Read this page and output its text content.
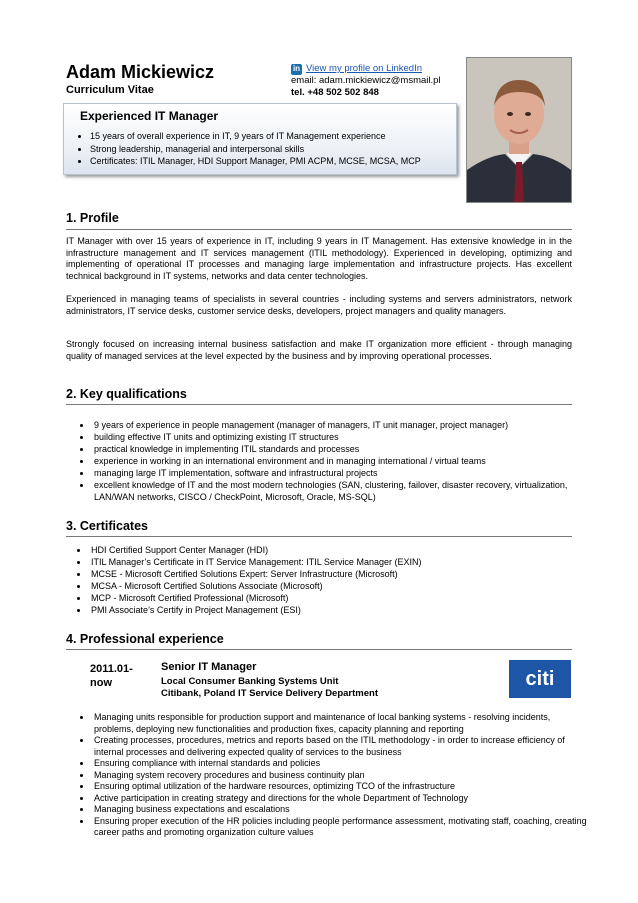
Adam Mickiewicz
Curriculum Vitae
in View my profile on LinkedIn
email: adam.mickiewicz@msmail.pl
tel. +48 502 502 848
Experienced IT Manager
• 15 years of overall experience in IT, 9 years of IT Management experience
• Strong leadership, managerial and interpersonal skills
• Certificates: ITIL Manager, HDI Support Manager, PMI ACPM, MCSE, MCSA, MCP
1. Profile
IT Manager with over 15 years of experience in IT, including 9 years in IT Management. Has extensive knowledge in in the infrastructure management and IT services management (ITIL methodology). Experienced in developing, optimizing and implementing of operational IT processes and managing large implementation and infrastructure projects. Has excellent technical background in IT systems, networks and data center technologies.
Experienced in managing teams of specialists in several countries - including systems and servers administrators, network administrators, IT service desks, customer service desks, developers, project managers and quality managers.
Strongly focused on increasing internal business satisfaction and make IT organization more efficient - through managing quality of managed services at the level expected by the business and by improving operational processes.
2. Key qualifications
• 9 years of experience in people management (manager of managers, IT unit manager, project manager)
• building effective IT units and optimizing existing IT structures
• practical knowledge in implementing ITIL standards and processes
• experience in working in an international environment and in managing international / virtual teams
• managing large IT implementation, software and infrastructural projects
• excellent knowledge of IT and the most modern technologies (SAN, clustering, failover, disaster recovery, virtualization, LAN/WAN networks, CISCO / CheckPoint, Microsoft, Oracle, MS-SQL)
3. Certificates
• HDI Certified Support Center Manager (HDI)
• ITIL Manager’s Certificate in IT Service Management: ITIL Service Manager (EXIN)
• MCSE - Microsoft Certified Solutions Expert: Server Infrastructure (Microsoft)
• MCSA - Microsoft Certified Solutions Associate (Microsoft)
• MCP - Microsoft Certified Professional (Microsoft)
• PMI Associate’s Certify in Project Management (ESI)
4. Professional experience
2011.01-
now
Senior IT Manager
Local Consumer Banking Systems Unit
Citibank, Poland IT Service Delivery Department
citi
• Managing units responsible for production support and maintenance of local banking systems - resolving incidents, problems, deploying new functionalities and production fixes, capacity planning and reporting
• Creating processes, procedures, metrics and reports based on the ITIL methodology - in order to increase efficiency of internal processes and delivering expected quality of services to the business
• Ensuring compliance with internal standards and policies
• Managing system recovery procedures and business continuity plan
• Ensuring optimal utilization of the hardware resources, optimizing TCO of the infrastructure
• Active participation in creating strategy and directions for the whole Department of Technology
• Managing business expectations and escalations
• Ensuring proper execution of the HR policies including people performance assessment, motivating staff, coaching, creating career paths and promoting organization culture values
